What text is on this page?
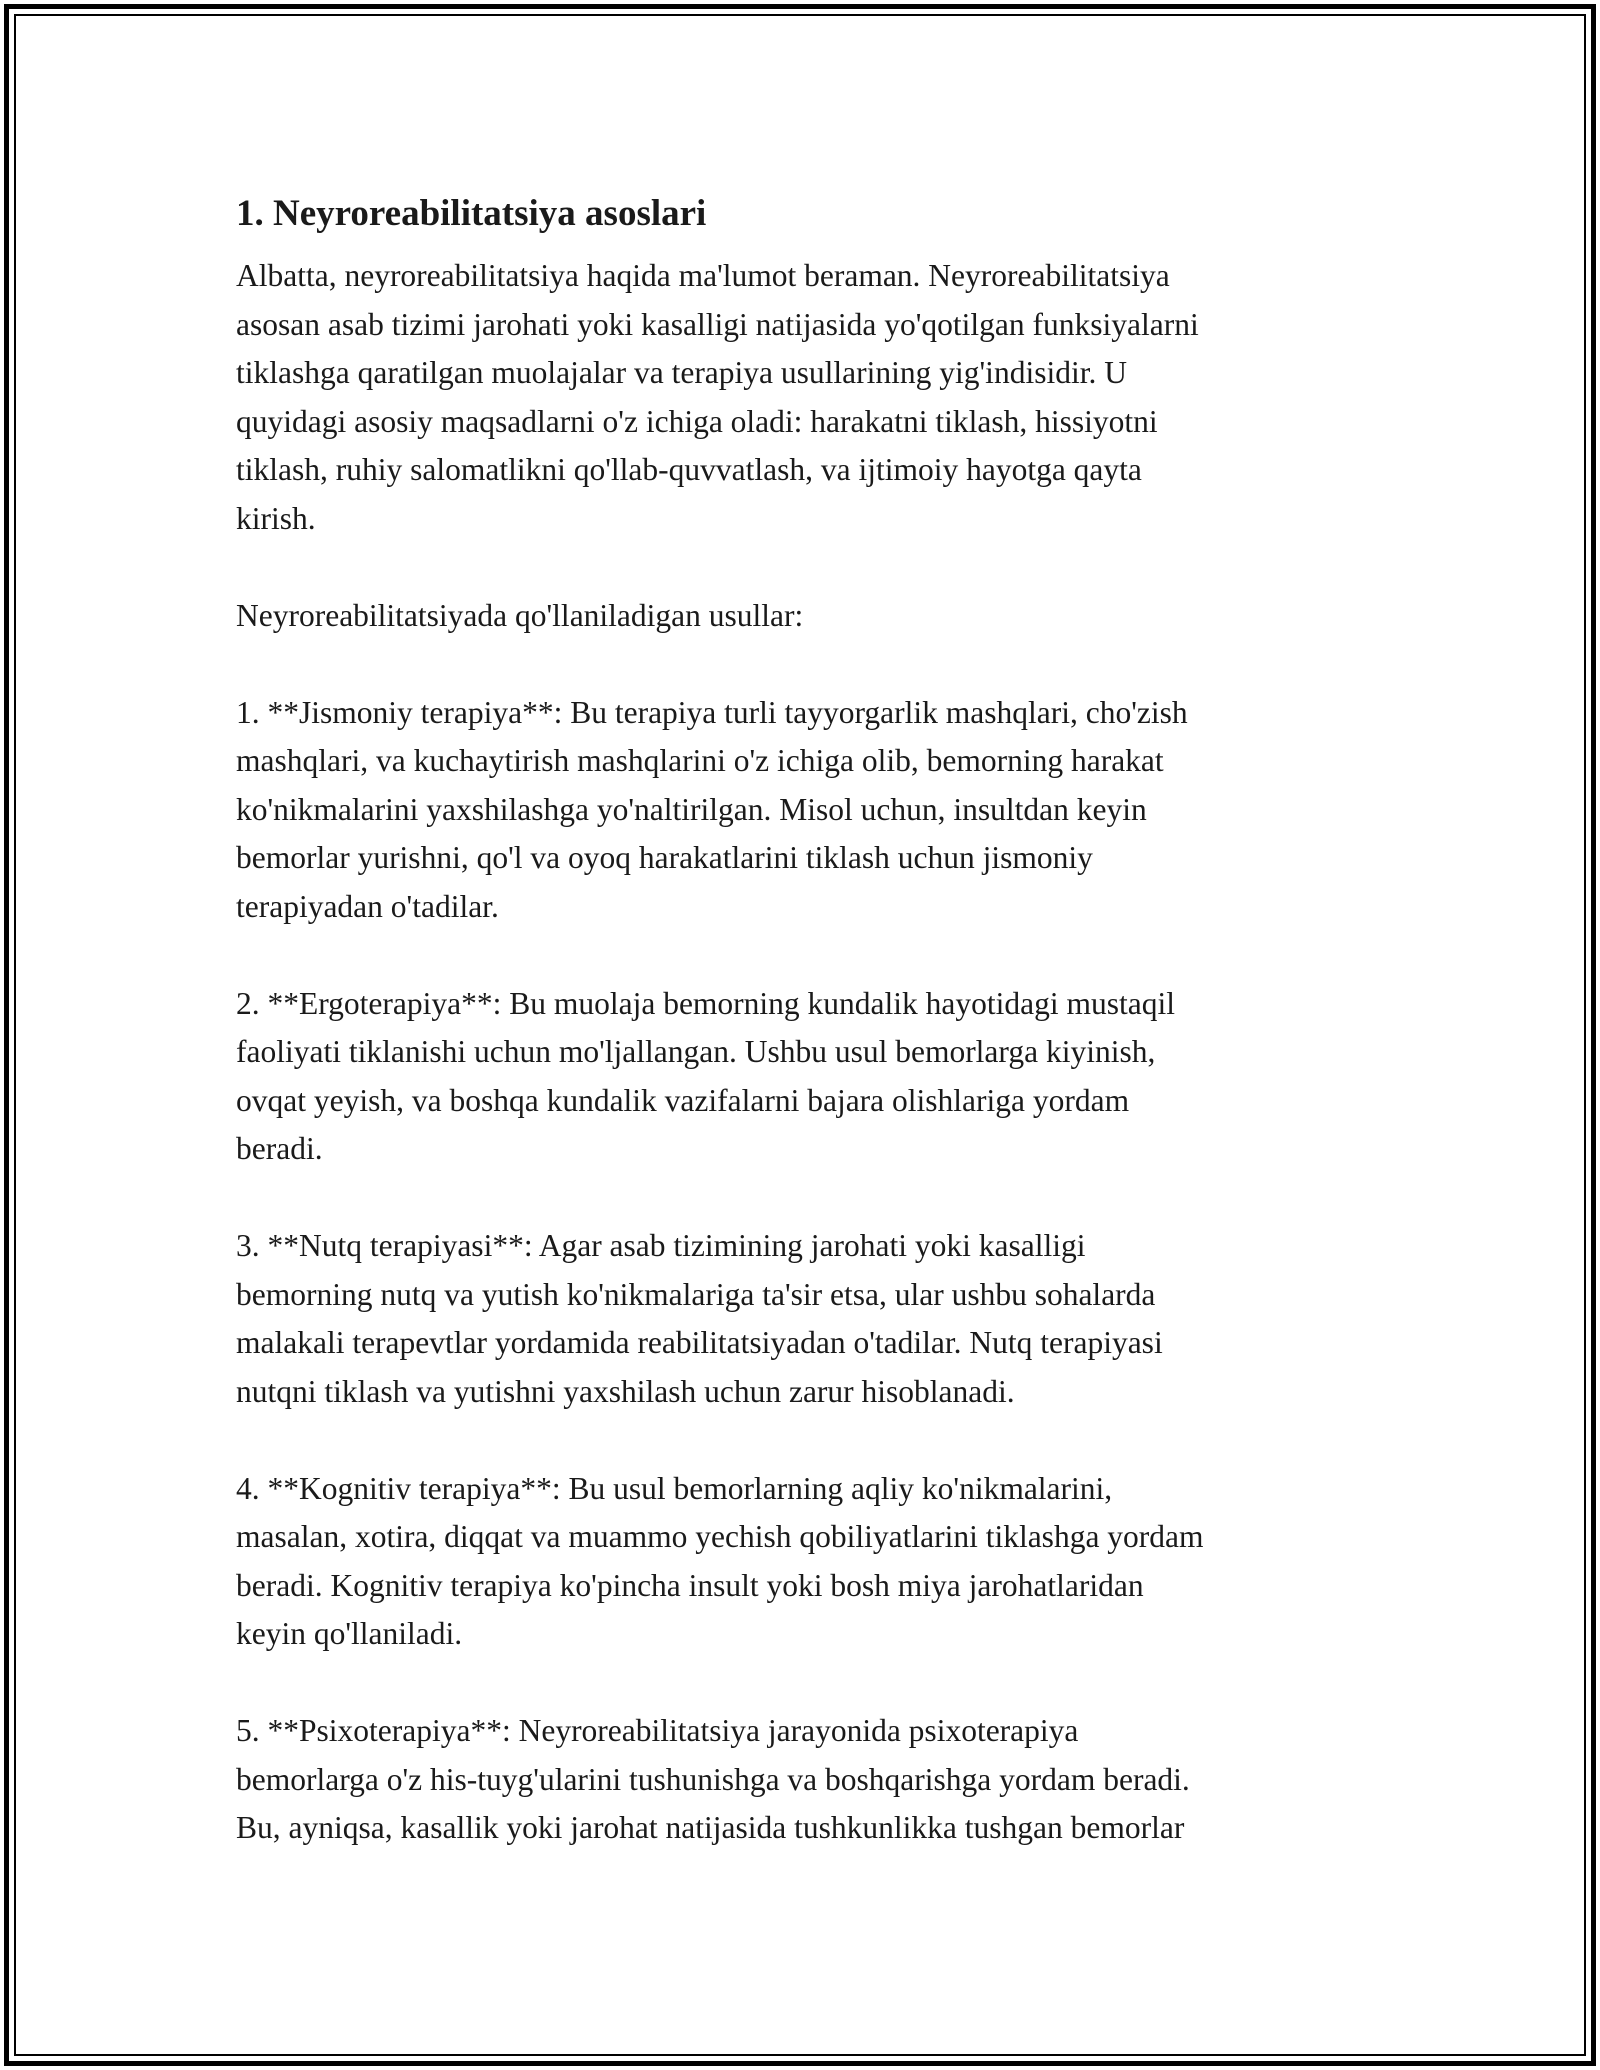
1. Neyroreabilitatsiya asoslari

Albatta, neyroreabilitatsiya haqida ma'lumot beraman. Neyroreabilitatsiya
asosan asab tizimi jarohati yoki kasalligi natijasida yo'qotilgan funksiyalarni
tiklashga qaratilgan muolajalar va terapiya usullarining yig'indisidir. U
quyidagi asosiy maqsadlarni o'z ichiga oladi: harakatni tiklash, hissiyotni
tiklash, ruhiy salomatlikni qo'llab-quvvatlash, va ijtimoiy hayotga qayta
kirish.

Neyroreabilitatsiyada qo'llaniladigan usullar:

1. **Jismoniy terapiya**: Bu terapiya turli tayyorgarlik mashqlari, cho'zish
mashqlari, va kuchaytirish mashqlarini o'z ichiga olib, bemorning harakat
ko'nikmalarini yaxshilashga yo'naltirilgan. Misol uchun, insultdan keyin
bemorlar yurishni, qo'l va oyoq harakatlarini tiklash uchun jismoniy
terapiyadan o'tadilar.

2. **Ergoterapiya**: Bu muolaja bemorning kundalik hayotidagi mustaqil
faoliyati tiklanishi uchun mo'ljallangan. Ushbu usul bemorlarga kiyinish,
ovqat yeyish, va boshqa kundalik vazifalarni bajara olishlariga yordam
beradi.

3. **Nutq terapiyasi**: Agar asab tizimining jarohati yoki kasalligi
bemorning nutq va yutish ko'nikmalariga ta'sir etsa, ular ushbu sohalarda
malakali terapevtlar yordamida reabilitatsiyadan o'tadilar. Nutq terapiyasi
nutqni tiklash va yutishni yaxshilash uchun zarur hisoblanadi.

4. **Kognitiv terapiya**: Bu usul bemorlarning aqliy ko'nikmalarini,
masalan, xotira, diqqat va muammo yechish qobiliyatlarini tiklashga yordam
beradi. Kognitiv terapiya ko'pincha insult yoki bosh miya jarohatlaridan
keyin qo'llaniladi.

5. **Psixoterapiya**: Neyroreabilitatsiya jarayonida psixoterapiya
bemorlarga o'z his-tuyg'ularini tushunishga va boshqarishga yordam beradi.
Bu, ayniqsa, kasallik yoki jarohat natijasida tushkunlikka tushgan bemorlar
